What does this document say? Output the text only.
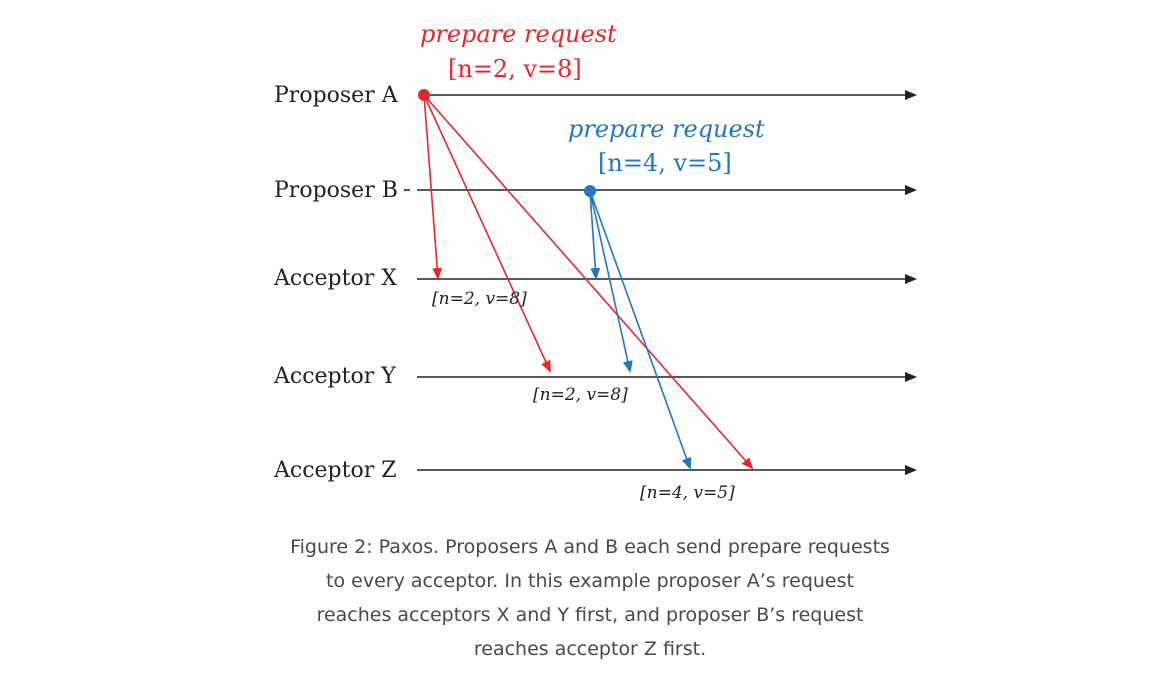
Proposer A
Proposer B
Acceptor X
Acceptor Y
Acceptor Z
prepare request
[n=2, v=8]
prepare request
[n=4, v=5]
[n=2, v=8]
[n=2, v=8]
[n=4, v=5]
Figure 2: Paxos. Proposers A and B each send prepare requests to every acceptor. In this example proposer A’s request reaches acceptors X and Y first, and proposer B’s request reaches acceptor Z first.
